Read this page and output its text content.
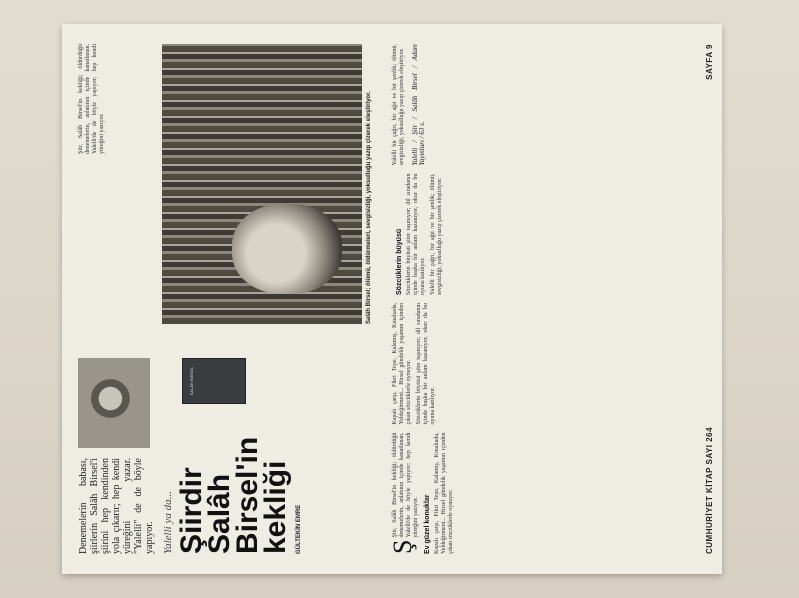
Denemelerin babası, şiirlerin Salâh Birsel'i şiirini hep kendinden yola çıkarır; hep kendi yüreğini yazar. "Yalelli" de de böyle yapıyor.

Şiir, Salâh Birsel'in kekliği; öldürdüğü denemelerin, anlatının içinde kanatlanan. Yalelli'de de böyle yapıyor; hep kendi yüreğini yazıyor.

Yalelli ya da... Şiirdir
Salâh
Birsel'in
kekliği GÜLTEKİN EMRE
SALÂH BİRSEL
Salâh Birsel; ölümü, öldürmeleri, sevgisizliği, yoksulluğu yazıp çizerek eleştiriyor.

Ş
Şiir, Salâh Birsel'in kekliği; öldürdüğü denemelerin, anlatının içinde kanatlanan. Yalelli'de de böyle yapıyor; hep kendi yüreğini yazıyor. Ev güzel konuklar Kapalı çarşı, Fikri Tepe, Kalamış, Kınalıada, Yeldeğirmeni... Birsel gündelik yaşamın içinden çıkan sözcüklerle oynuyor.

Kapalı çarşı, Fikri Tepe, Kalamış, Kınalıada, Yeldeğirmeni... Birsel gündelik yaşamın içinden çıkan sözcüklerle oynuyor. Sözcüklerin büyüsü şiire taşınıyor; dil sıradanın içinde başka bir anlam kazanıyor, okur da bu oyuna katılıyor.

Sözcüklerin büyüsü Sözcüklerin büyüsü şiire taşınıyor; dil sıradanın içinde başka bir anlam kazanıyor, okur da bu oyuna katılıyor. Yalelli bir çağrı, bir ağıt ve bir şenlik; ölümü, sevgisizliği, yoksulluğu yazıp çizerek eleştiriyor.

Yalelli bir çağrı, bir ağıt ve bir şenlik; ölümü, sevgisizliği, yoksulluğu yazıp çizerek eleştiriyor. Yalelli / Şiir / Salâh Birsel / Adam Yayınları / 63 s.
CUMHURİYET KİTAP SAYI 264
SAYFA 9
